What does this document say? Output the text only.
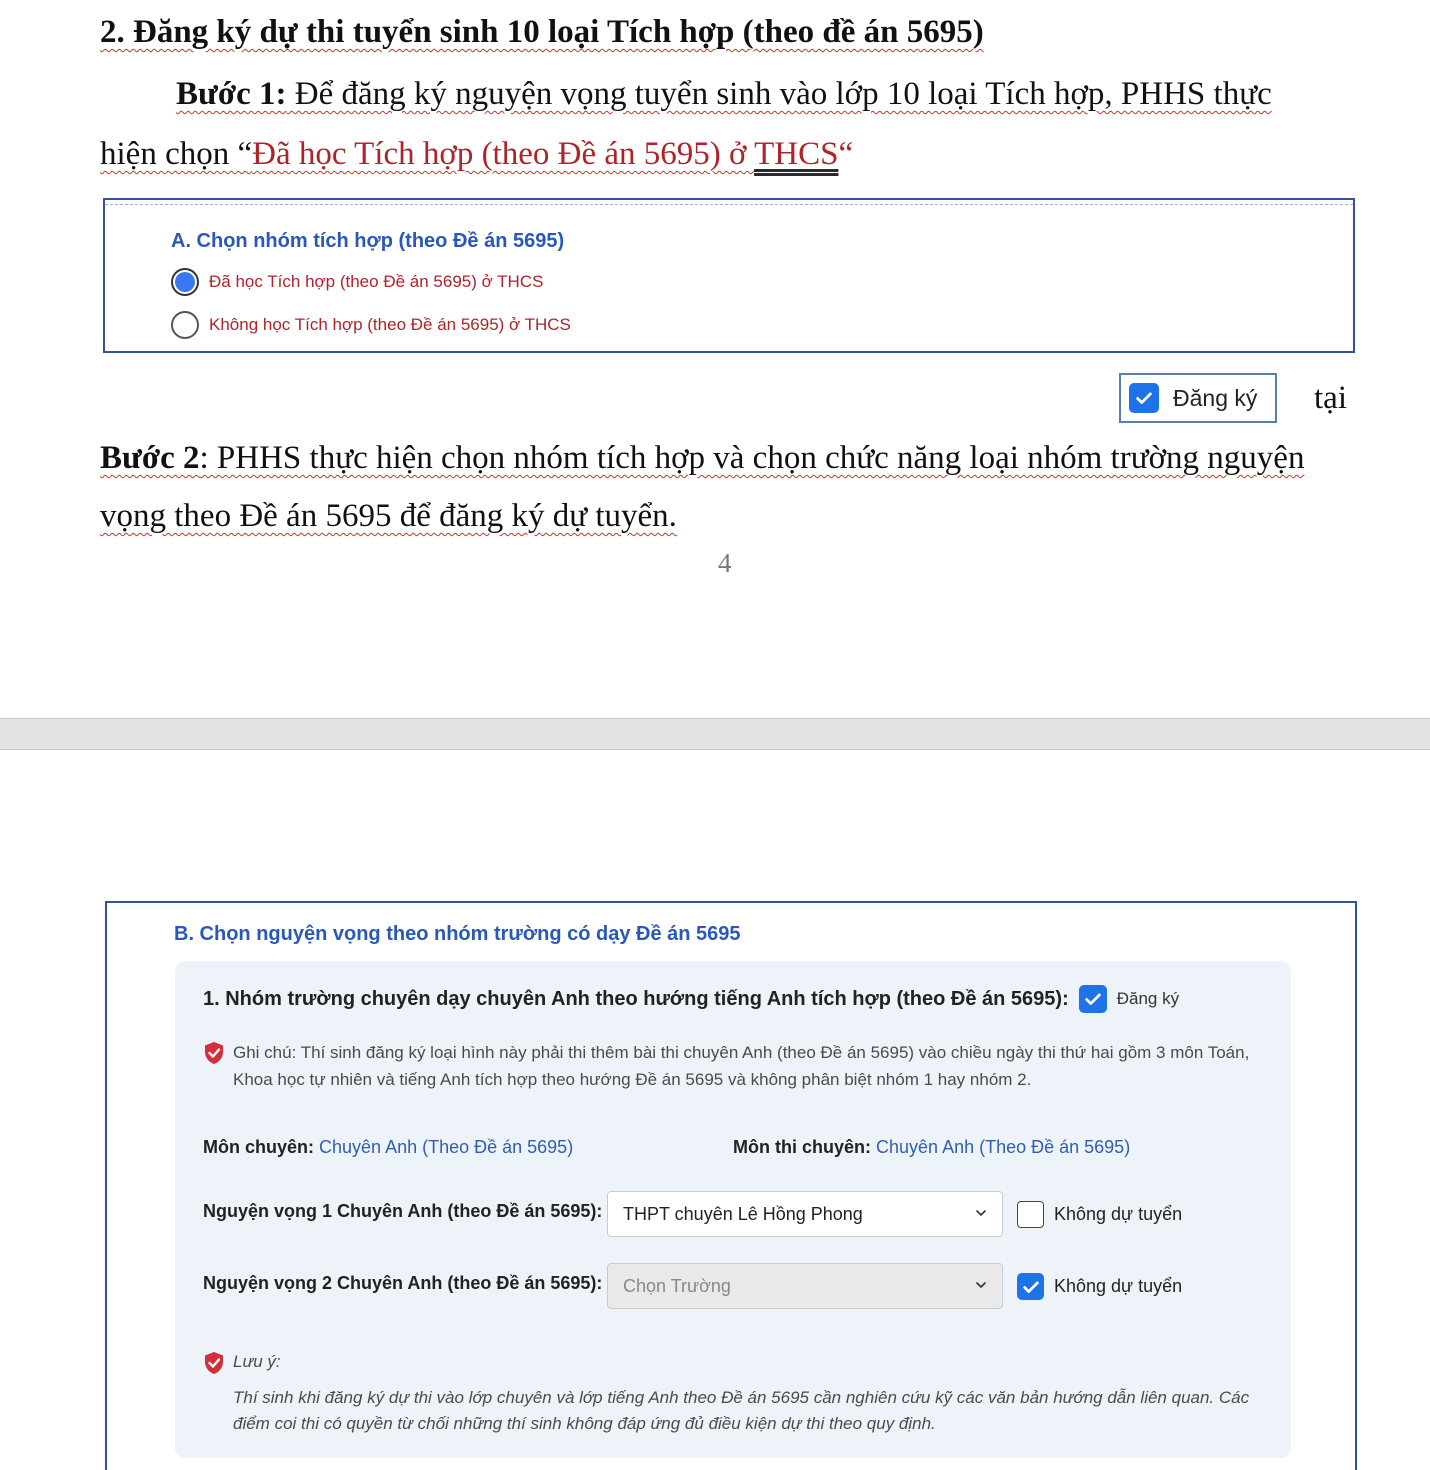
2. Đăng ký dự thi tuyển sinh 10 loại Tích hợp (theo đề án 5695)
Bước 1: Để đăng ký nguyện vọng tuyển sinh vào lớp 10 loại Tích hợp, PHHS thực
hiện chọn “Đã học Tích hợp (theo Đề án 5695) ở THCS“
A. Chọn nhóm tích hợp (theo Đề án 5695)
Đã học Tích hợp (theo Đề án 5695) ở THCS
Không học Tích hợp (theo Đề án 5695) ở THCS
Đăng ký tại
Bước 2: PHHS thực hiện chọn nhóm tích hợp và chọn chức năng loại nhóm trường nguyện
vọng theo Đề án 5695 để đăng ký dự tuyển.
4
B. Chọn nguyện vọng theo nhóm trường có dạy Đề án 5695
1. Nhóm trường chuyên dạy chuyên Anh theo hướng tiếng Anh tích hợp (theo Đề án 5695):	Đăng ký
Ghi chú: Thí sinh đăng ký loại hình này phải thi thêm bài thi chuyên Anh (theo Đề án 5695) vào chiều ngày thi thứ hai gồm 3 môn Toán, Khoa học tự nhiên và tiếng Anh tích hợp theo hướng Đề án 5695 và không phân biệt nhóm 1 hay nhóm 2.
Môn chuyên: Chuyên Anh (Theo Đề án 5695)	Môn thi chuyên: Chuyên Anh (Theo Đề án 5695)
Nguyện vọng 1 Chuyên Anh (theo Đề án 5695): THPT chuyên Lê Hồng Phong	Không dự tuyển
Nguyện vọng 2 Chuyên Anh (theo Đề án 5695): Chọn Trường	Không dự tuyển
Lưu ý:
Thí sinh khi đăng ký dự thi vào lớp chuyên và lớp tiếng Anh theo Đề án 5695 cần nghiên cứu kỹ các văn bản hướng dẫn liên quan. Các điểm coi thi có quyền từ chối những thí sinh không đáp ứng đủ điều kiện dự thi theo quy định.
